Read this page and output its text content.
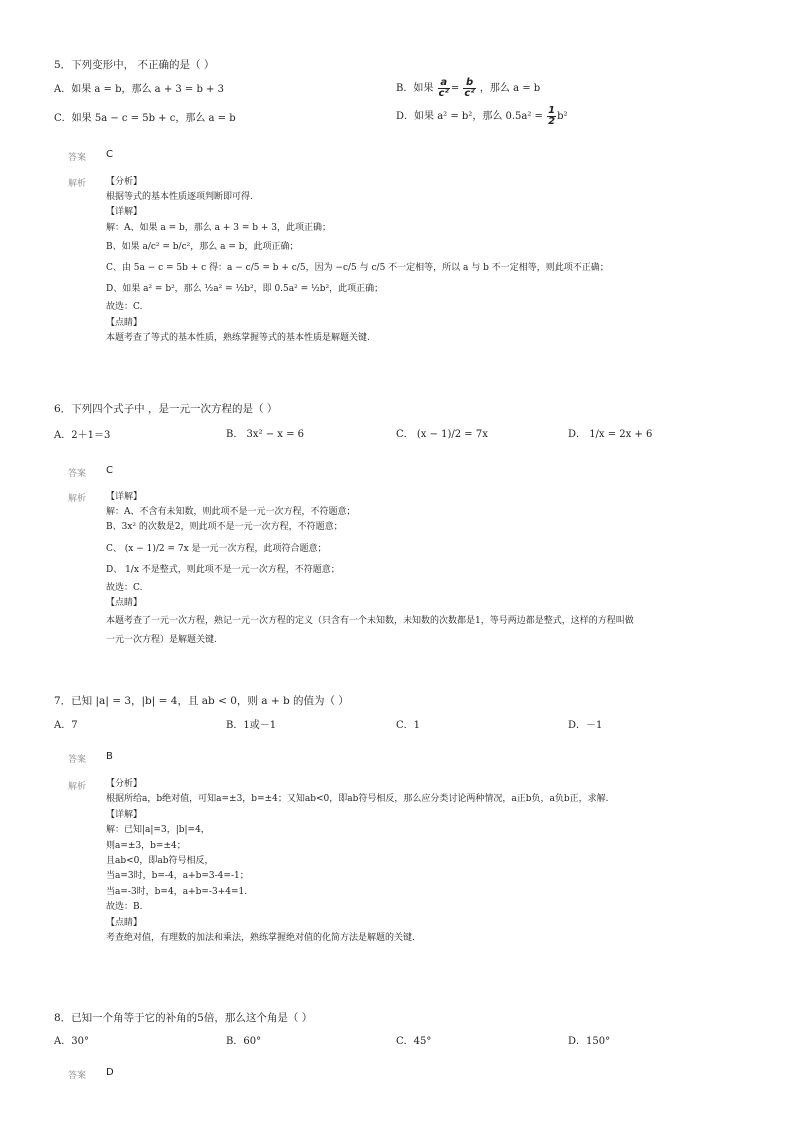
5．下列变形中， 不正确的是（ ）
A．如果 a = b，那么 a + 3 = b + 3	B．如果 $\frac{a}{\text{c²}} = \frac{b}{\text{c²}}$ ，那么 a = b
C．如果 5a − c = 5b + c，那么 a = b	D．如果 a² = b²，那么 $0.5a^2 = \frac{1}{2} b^2$
答案 C
解析 【分析】
根据等式的基本性质逐项判断即可得.
【详解】
解：A、如果 a = b，那么 a + 3 = b + 3，此项正确；
B、如果 a/c² = b/c²，那么 a = b，此项正确；
C、由 5a − c = 5b + c 得：a − c/5 = b + c/5，因为 −c/5 与 c/5 不一定相等，所以 a 与 b 不一定相等，则此项不正确；
D、如果 a² = b²，那么 ½a² = ½b²，即 0.5a² = ½b²，此项正确；
故选：C.
【点睛】
本题考查了等式的基本性质，熟练掌握等式的基本性质是解题关键.
6．下列四个式子中 ，是一元一次方程的是（ ）
A．2＋1＝3	B． 3x² − x = 6	C． (x − 1)/2 = 7x	D． 1/x = 2x + 6
答案 C
解析 【详解】
解：A、不含有未知数，则此项不是一元一次方程，不符题意；
B、3x² 的次数是2，则此项不是一元一次方程，不符题意；
C、 (x − 1)/2 = 7x 是一元一次方程，此项符合题意；
D、 1/x 不是整式，则此项不是一元一次方程，不符题意；
故选：C.
【点睛】
本题考查了一元一次方程，熟记一元一次方程的定义（只含有一个未知数，未知数的次数都是1，等号两边都是整式，这样的方程叫做
一元一次方程）是解题关键.
7．已知 |a| = 3，|b| = 4，且 ab < 0，则 a + b 的值为（ ）
A．7	B．1或－1	C．1	D．－1
答案 B
解析 【分析】
根据所给a，b绝对值，可知a=±3，b=±4；又知ab<0，即ab符号相反，那么应分类讨论两种情况，a正b负，a负b正，求解.
【详解】
解：已知|a|=3，|b|=4，
则a=±3，b=±4；
且ab<0，即ab符号相反，
当a=3时，b=-4，a+b=3-4=-1；
当a=-3时，b=4，a+b=-3+4=1.
故选：B.
【点睛】
考查绝对值，有理数的加法和乘法，熟练掌握绝对值的化简方法是解题的关键.
8．已知一个角等于它的补角的5倍，那么这个角是（ ）
A．30°	B．60°	C．45°	D．150°
答案 D
